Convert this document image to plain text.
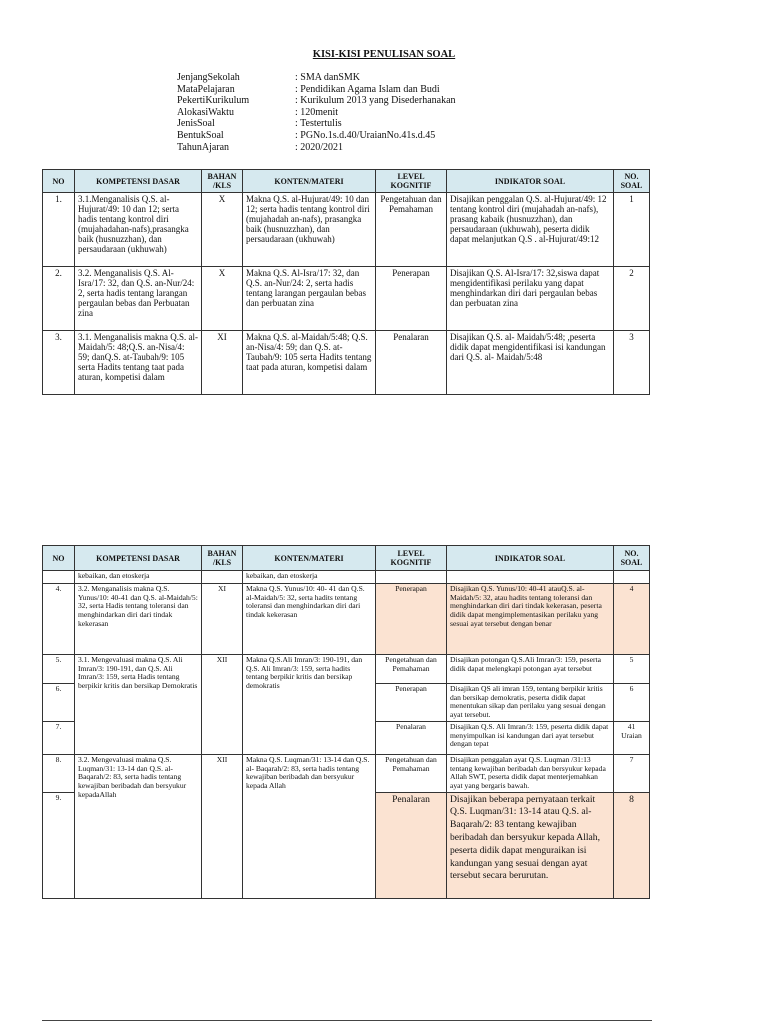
KISI-KISI PENULISAN SOAL
JenjangSekolah	: SMA danSMK
MataPelajaran	: Pendidikan Agama Islam dan Budi
PekertiKurikulum	: Kurikulum 2013 yang Disederhanakan
AlokasiWaktu	: 120menit
JenisSoal	: Testertulis
BentukSoal	: PGNo.1s.d.40/UraianNo.41s.d.45
TahunAjaran	: 2020/2021
NO	KOMPETENSI DASAR	BAHAN /KLS	KONTEN/MATERI	LEVEL KOGNITIF	INDIKATOR SOAL	NO. SOAL
1.	3.1.Menganalisis Q.S. al-Hujurat/49: 10 dan 12; serta hadis tentang kontrol diri (mujahadahan-nafs),prasangka baik (husnuzzhan), dan persaudaraan (ukhuwah)	X	Makna Q.S. al-Hujurat/49: 10 dan 12; serta hadis tentang kontrol diri (mujahadah an-nafs), prasangka baik (husnuzzhan), dan persaudaraan (ukhuwah)	Pengetahuan dan Pemahaman	Disajikan penggalan Q.S. al-Hujurat/49: 12 tentang kontrol diri (mujahadah an-nafs), prasang kabaik (husnuzzhan), dan persaudaraan (ukhuwah), peserta didik dapat melanjutkan Q.S . al-Hujurat/49:12	1
2.	3.2. Menganalisis Q.S. Al-Isra/17: 32, dan Q.S. an-Nur/24: 2, serta hadis tentang larangan pergaulan bebas dan Perbuatan zina	X	Makna Q.S. Al-Isra/17: 32, dan Q.S. an-Nur/24: 2, serta hadis tentang larangan pergaulan bebas dan perbuatan zina	Penerapan	Disajikan Q.S. Al-Isra/17: 32,siswa dapat mengidentifikasi perilaku yang dapat menghindarkan diri dari pergaulan bebas dan perbuatan zina	2
3.	3.1. Menganalisis makna Q.S. al-Maidah/5: 48;Q.S. an-Nisa/4: 59; danQ.S. at-Taubah/9: 105 serta Hadits tentang taat pada aturan, kompetisi dalam	XI	Makna Q.S. al-Maidah/5:48; Q.S. an-Nisa/4: 59; dan Q.S. at-Taubah/9: 105 serta Hadits tentang taat pada aturan, kompetisi dalam	Penalaran	Disajikan Q.S. al- Maidah/5:48; ,peserta didik dapat mengidentifikasi isi kandungan dari Q.S. al- Maidah/5:48	3
NO	KOMPETENSI DASAR	BAHAN /KLS	KONTEN/MATERI	LEVEL KOGNITIF	INDIKATOR SOAL	NO. SOAL
	kebaikan, dan etoskerja		kebaikan, dan etoskerja			
4.	3.2. Menganalisis makna Q.S. Yunus/10: 40-41 dan Q.S. al-Maidah/5: 32, serta Hadis tentang toleransi dan menghindarkan diri dari tindak kekerasan	XI	Makna Q.S. Yunus/10: 40- 41 dan Q.S. al-Maidah/5: 32, serta hadits tentang toleransi dan menghindarkan diri dari tindak kekerasan	Penerapan	Disajikan Q.S. Yunus/10: 40-41 atauQ.S. al-Maidah/5: 32, atau hadits tentang toleransi dan menghindarkan diri dari tindak kekerasan, peserta didik dapat mengimplementasikan perilaku yang sesuai ayat tersebut dengan benar	4
5.	3.1. Mengevaluasi makna Q.S. Ali Imran/3: 190-191, dan Q.S. Ali Imran/3: 159, serta Hadis tentang berpikir kritis dan bersikap Demokratis	XII	Makna Q.S.Ali Imran/3: 190-191, dan Q.S. Ali Imran/3: 159, serta hadits tentang berpikir kritis dan bersikap demokratis	Pengetahuan dan Pemahaman	Disajikan potongan Q.S.Ali Imran/3: 159, peserta didik dapat melengkapi potongan ayat tersebut	5
6.				Penerapan	Disajikan QS ali imran 159, tentang berpikir kritis dan bersikap demokratis, peserta didik dapat menentukan sikap dan perilaku yang sesuai dengan ayat tersebut.	6
7.				Penalaran	Disajikan Q.S. Ali Imran/3: 159, peserta didik dapat menyimpulkan isi kandungan dari ayat tersebut dengan tepat	41 Uraian
8.	3.2. Mengevaluasi makna Q.S. Luqman/31: 13-14 dan Q.S. al- Baqarah/2: 83, serta hadis tentang kewajiban beribadah dan bersyukur kepadaAllah	XII	Makna Q.S. Luqman/31: 13-14 dan Q.S. al- Baqarah/2: 83, serta hadis tentang kewajiban beribadah dan bersyukur kepada Allah	Pengetahuan dan Pemahaman	Disajikan penggalan ayat Q.S. Luqman /31:13 tentang kewajiban beribadah dan bersyukur kepada Allah SWT, peserta didik dapat menterjemahkan ayat yang bergaris bawah.	7
9.				Penalaran	Disajikan beberapa pernyataan terkait Q.S. Luqman/31: 13-14 atau Q.S. al-Baqarah/2: 83 tentang kewajiban beribadah dan bersyukur kepada Allah, peserta didik dapat menguraikan isi kandungan yang sesuai dengan ayat tersebut secara berurutan.	8
